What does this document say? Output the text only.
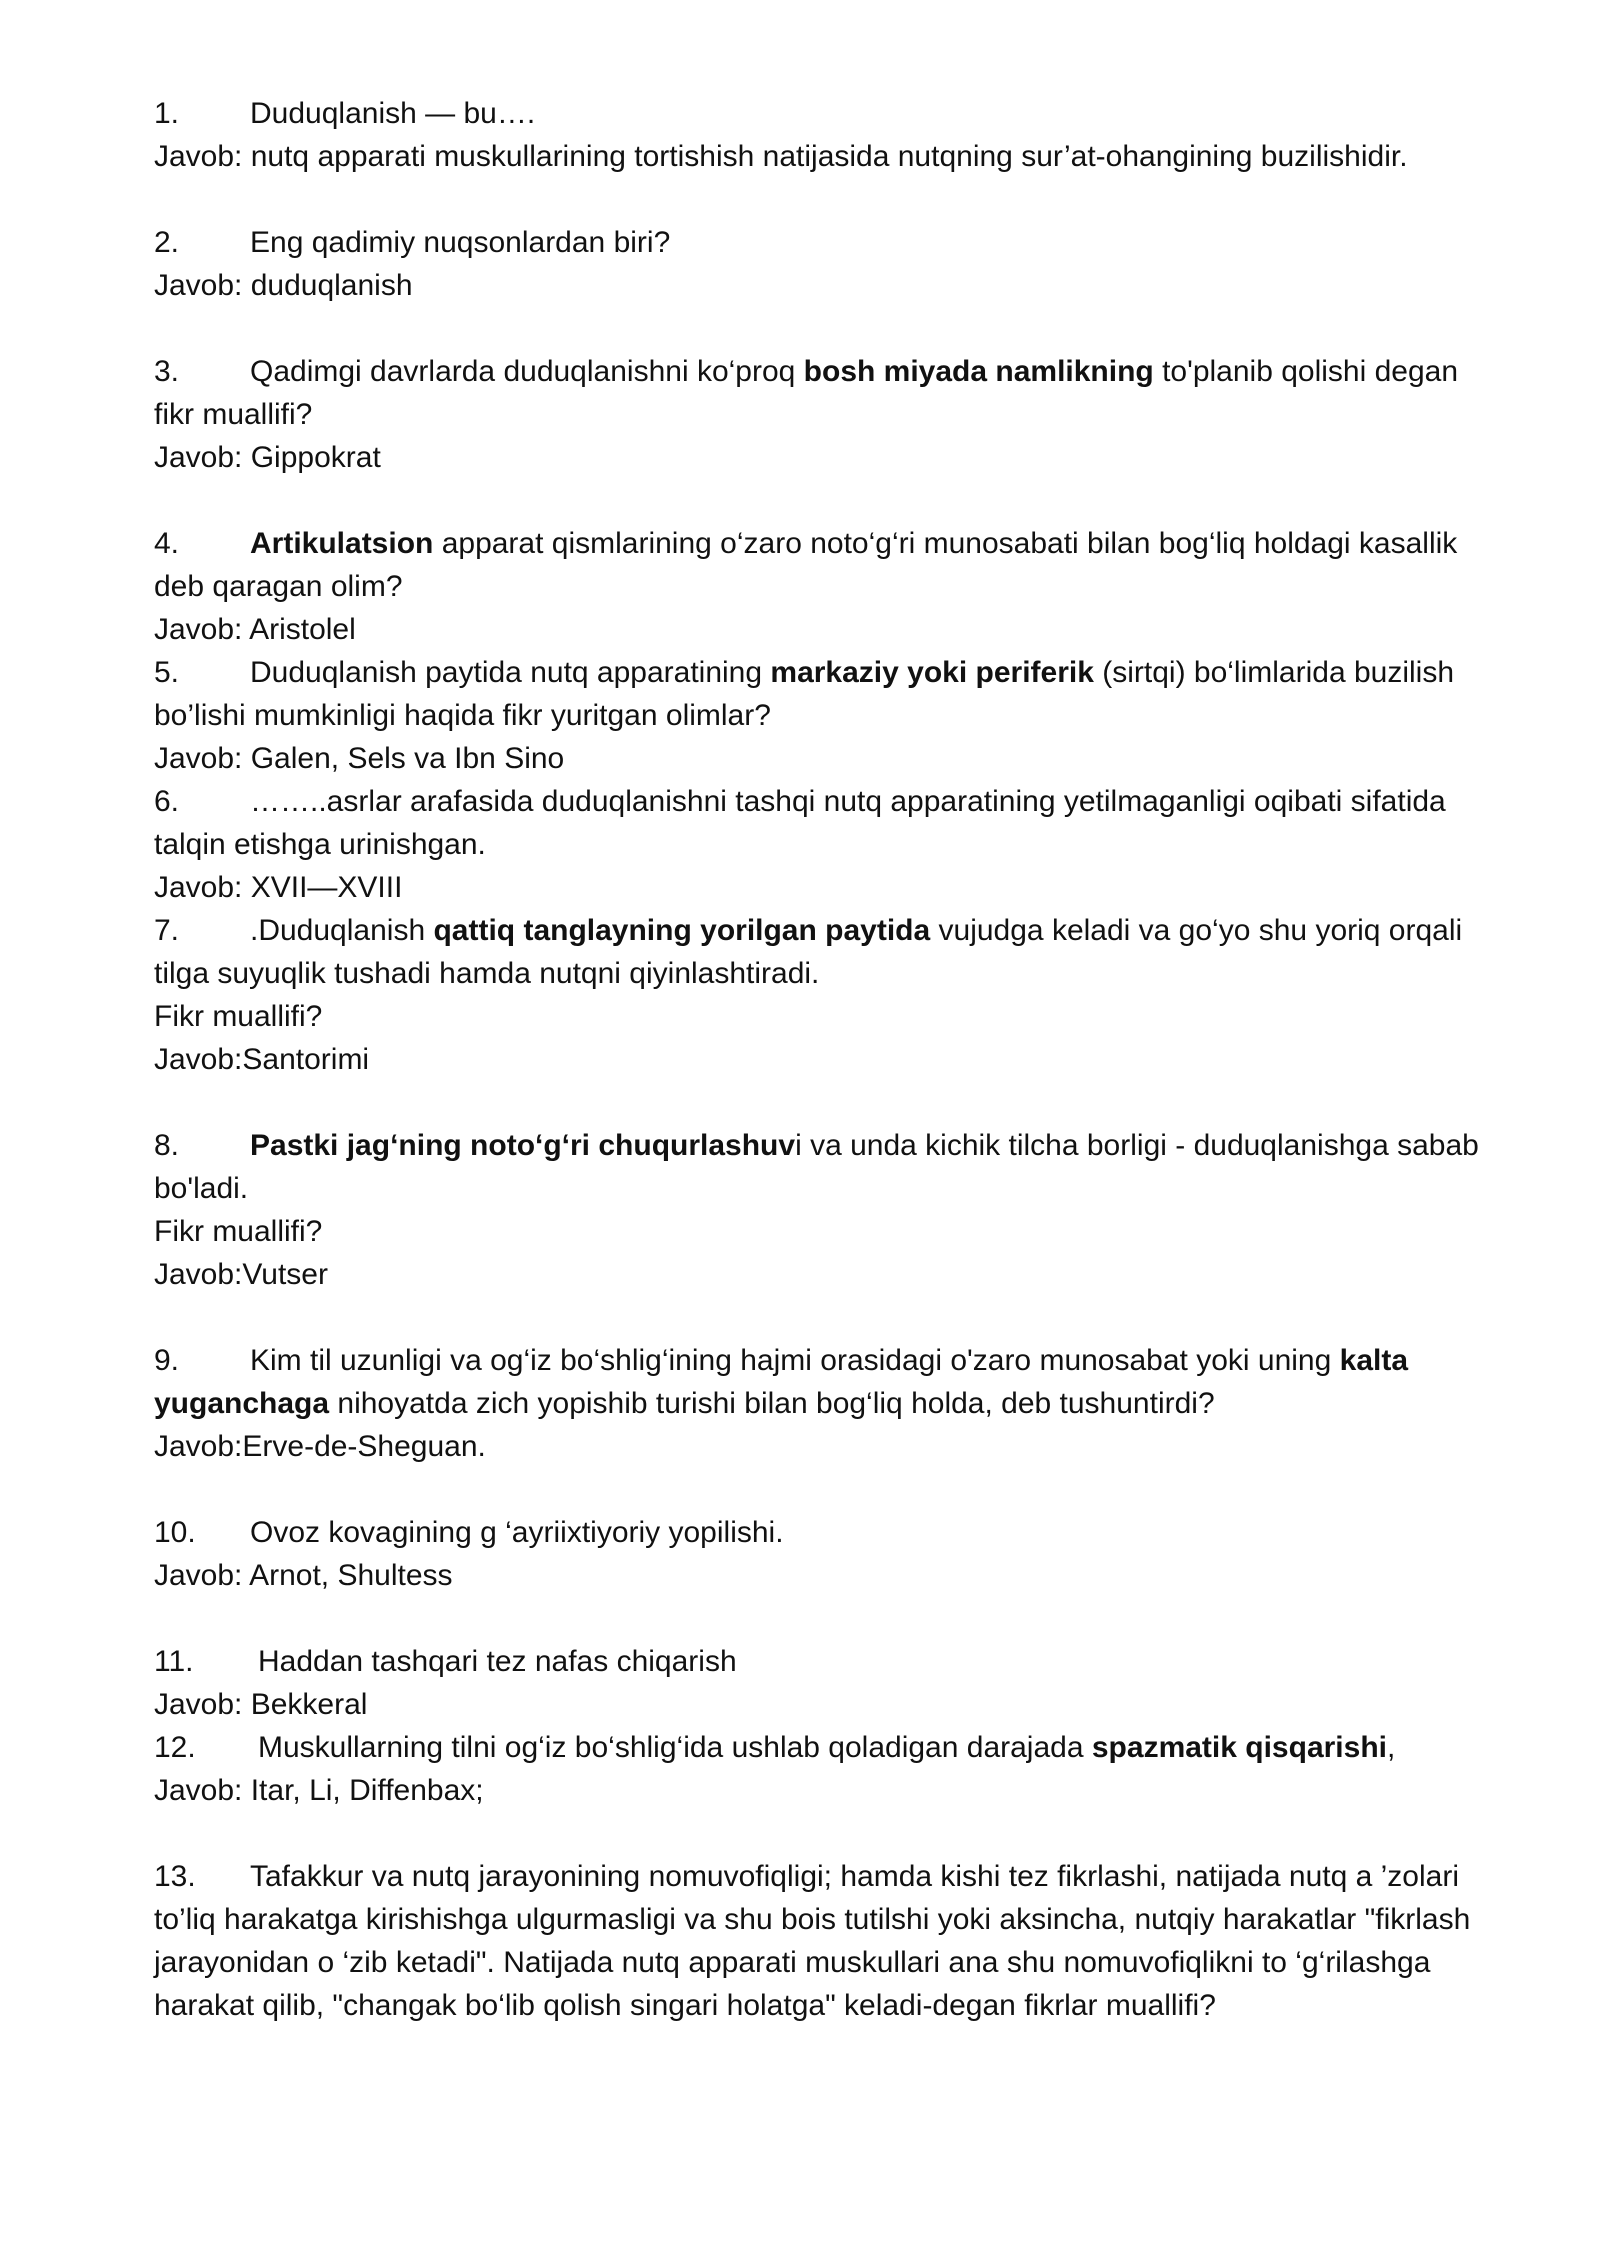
1. Duduqlanish — bu….
Javob: nutq apparati muskullarining tortishish natijasida nutqning sur’at-ohangining buzilishidir.
2. Eng qadimiy nuqsonlardan biri?
Javob: duduqlanish
3. Qadimgi davrlarda duduqlanishni ko‘proq bosh miyada namlikning to'planib qolishi degan fikr muallifi?
Javob: Gippokrat
4. Artikulatsion apparat qismlarining o‘zaro noto‘g‘ri munosabati bilan bog‘liq holdagi kasallik deb qaragan olim?
Javob: Aristolel
5. Duduqlanish paytida nutq apparatining markaziy yoki periferik (sirtqi) bo‘limlarida buzilish bo’lishi mumkinligi haqida fikr yuritgan olimlar?
Javob: Galen, Sels va Ibn Sino
6. ……..asrlar arafasida duduqlanishni tashqi nutq apparatining yetilmaganligi oqibati sifatida talqin etishga urinishgan.
Javob: XVII—XVIII
7. .Duduqlanish qattiq tanglayning yorilgan paytida vujudga keladi va go‘yo shu yoriq orqali tilga suyuqlik tushadi hamda nutqni qiyinlashtiradi.
Fikr muallifi?
Javob:Santorimi
8. Pastki jag‘ning noto‘g‘ri chuqurlashuvi va unda kichik tilcha borligi - duduqlanishga sabab bo'ladi.
Fikr muallifi?
Javob:Vutser
9. Kim til uzunligi va og‘iz bo‘shlig‘ining hajmi orasidagi o'zaro munosabat yoki uning kalta yuganchaga nihoyatda zich yopishib turishi bilan bog‘liq holda, deb tushuntirdi?
Javob:Erve-de-Sheguan.
10. Ovoz kovagining g ‘ayriixtiyoriy yopilishi.
Javob: Arnot, Shultess
11. Haddan tashqari tez nafas chiqarish
Javob: Bekkeral
12. Muskullarning tilni og‘iz bo‘shlig‘ida ushlab qoladigan darajada spazmatik qisqarishi,
Javob: Itar, Li, Diffenbax;
13. Tafakkur va nutq jarayonining nomuvofiqligi; hamda kishi tez fikrlashi, natijada nutq a ’zolari to’liq harakatga kirishishga ulgurmasligi va shu bois tutilshi yoki aksincha, nutqiy harakatlar "fikrlash jarayonidan o ‘zib ketadi". Natijada nutq apparati muskullari ana shu nomuvofiqlikni to ‘g‘rilashga harakat qilib, "changak bo‘lib qolish singari holatga" keladi-degan fikrlar muallifi?
